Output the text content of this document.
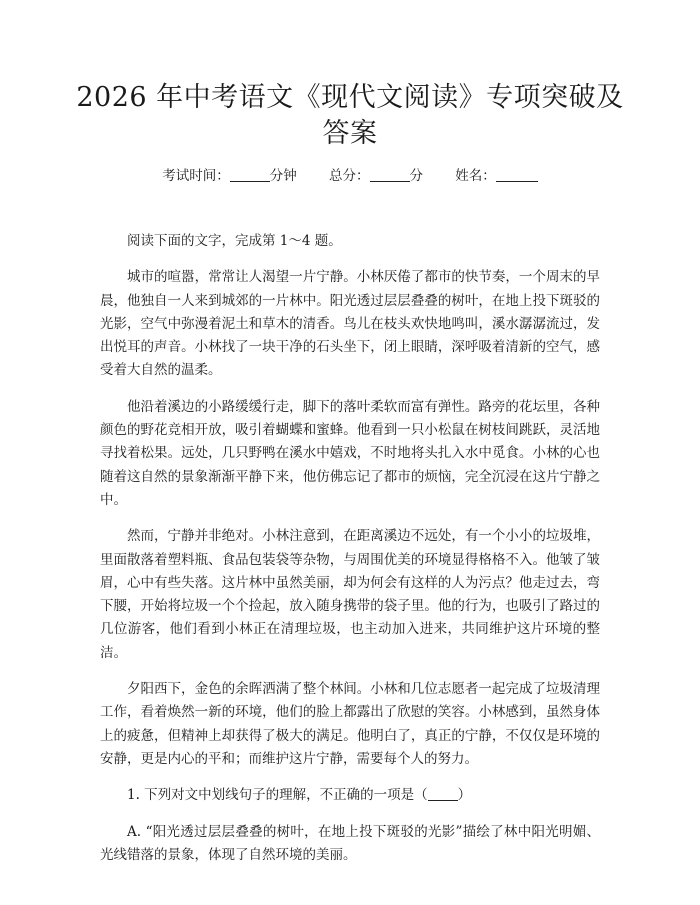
2026 年中考语文《现代文阅读》专项突破及
答案
考试时间：	分钟 总分：	分 姓名：

阅读下面的文字，完成第 1～4 题。

城市的喧嚣，常常让人渴望一片宁静。小林厌倦了都市的快节奏，一个周末的早晨，他独自一人来到城郊的一片林中。阳光透过层层叠叠的树叶，在地上投下斑驳的光影，空气中弥漫着泥土和草木的清香。鸟儿在枝头欢快地鸣叫，溪水潺潺流过，发出悦耳的声音。小林找了一块干净的石头坐下，闭上眼睛，深呼吸着清新的空气，感受着大自然的温柔。

他沿着溪边的小路缓缓行走，脚下的落叶柔软而富有弹性。路旁的花坛里，各种颜色的野花竞相开放，吸引着蝴蝶和蜜蜂。他看到一只小松鼠在树枝间跳跃，灵活地寻找着松果。远处，几只野鸭在溪水中嬉戏，不时地将头扎入水中觅食。小林的心也随着这自然的景象渐渐平静下来，他仿佛忘记了都市的烦恼，完全沉浸在这片宁静之中。

然而，宁静并非绝对。小林注意到，在距离溪边不远处，有一个小小的垃圾堆，里面散落着塑料瓶、食品包装袋等杂物，与周围优美的环境显得格格不入。他皱了皱眉，心中有些失落。这片林中虽然美丽，却为何会有这样的人为污点？他走过去，弯下腰，开始将垃圾一个个捡起，放入随身携带的袋子里。他的行为，也吸引了路过的几位游客，他们看到小林正在清理垃圾，也主动加入进来，共同维护这片环境的整洁。

夕阳西下，金色的余晖洒满了整个林间。小林和几位志愿者一起完成了垃圾清理工作，看着焕然一新的环境，他们的脸上都露出了欣慰的笑容。小林感到，虽然身体上的疲惫，但精神上却获得了极大的满足。他明白了，真正的宁静，不仅仅是环境的安静，更是内心的平和；而维护这片宁静，需要每个人的努力。

1. 下列对文中划线句子的理解，不正确的一项是（ ）

A. “阳光透过层层叠叠的树叶，在地上投下斑驳的光影”描绘了林中阳光明媚、光线错落的景象，体现了自然环境的美丽。
